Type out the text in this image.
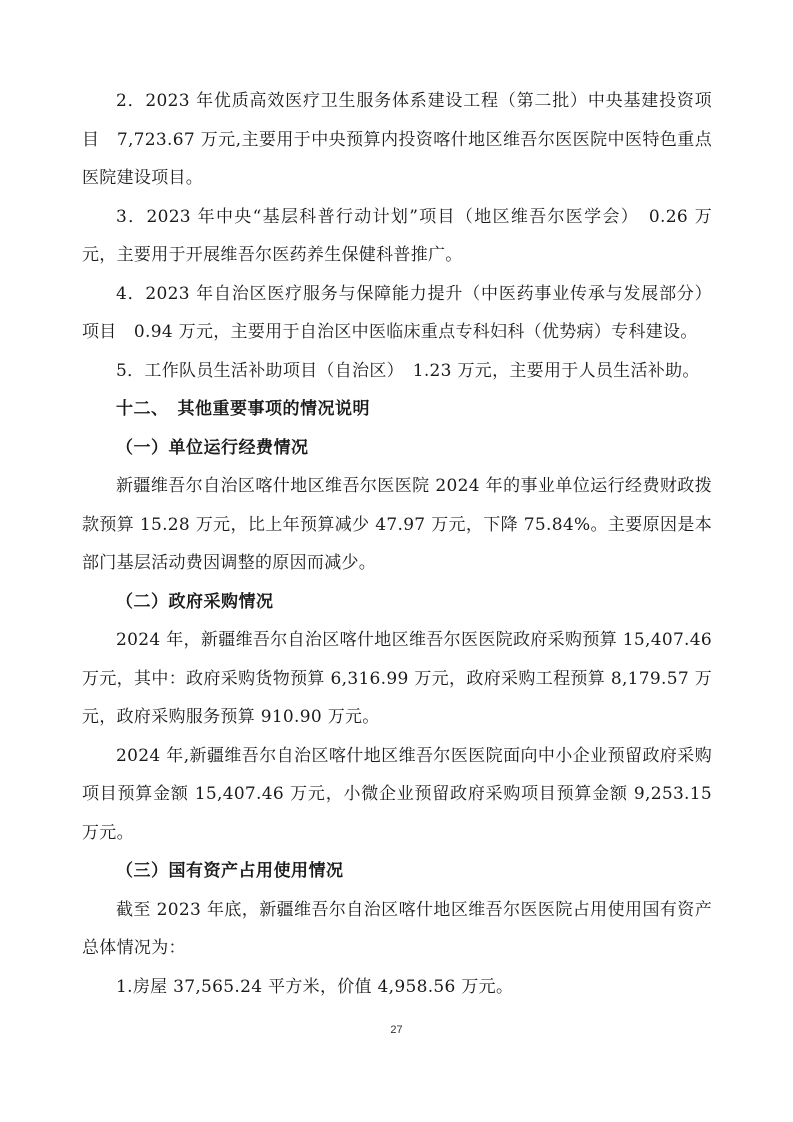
2．2023 年优质高效医疗卫生服务体系建设工程（第二批）中央基建投资项目　7,723.67 万元,主要用于中央预算内投资喀什地区维吾尔医医院中医特色重点医院建设项目。

3．2023 年中央“基层科普行动计划”项目（地区维吾尔医学会）　0.26 万元，主要用于开展维吾尔医药养生保健科普推广。

4．2023 年自治区医疗服务与保障能力提升（中医药事业传承与发展部分）项目　0.94 万元，主要用于自治区中医临床重点专科妇科（优势病）专科建设。

5．工作队员生活补助项目（自治区）　1.23 万元，主要用于人员生活补助。

十二、　其他重要事项的情况说明

（一）单位运行经费情况

新疆维吾尔自治区喀什地区维吾尔医医院 2024 年的事业单位运行经费财政拨款预算 15.28 万元，比上年预算减少 47.97 万元，下降 75.84%。主要原因是本部门基层活动费因调整的原因而减少。

（二）政府采购情况

2024 年，新疆维吾尔自治区喀什地区维吾尔医医院政府采购预算 15,407.46 万元，其中：政府采购货物预算 6,316.99 万元，政府采购工程预算 8,179.57 万元，政府采购服务预算 910.90 万元。

2024 年,新疆维吾尔自治区喀什地区维吾尔医医院面向中小企业预留政府采购项目预算金额 15,407.46 万元，小微企业预留政府采购项目预算金额 9,253.15 万元。

（三）国有资产占用使用情况

截至 2023 年底，新疆维吾尔自治区喀什地区维吾尔医医院占用使用国有资产总体情况为：

1.房屋 37,565.24 平方米，价值 4,958.56 万元。

27
